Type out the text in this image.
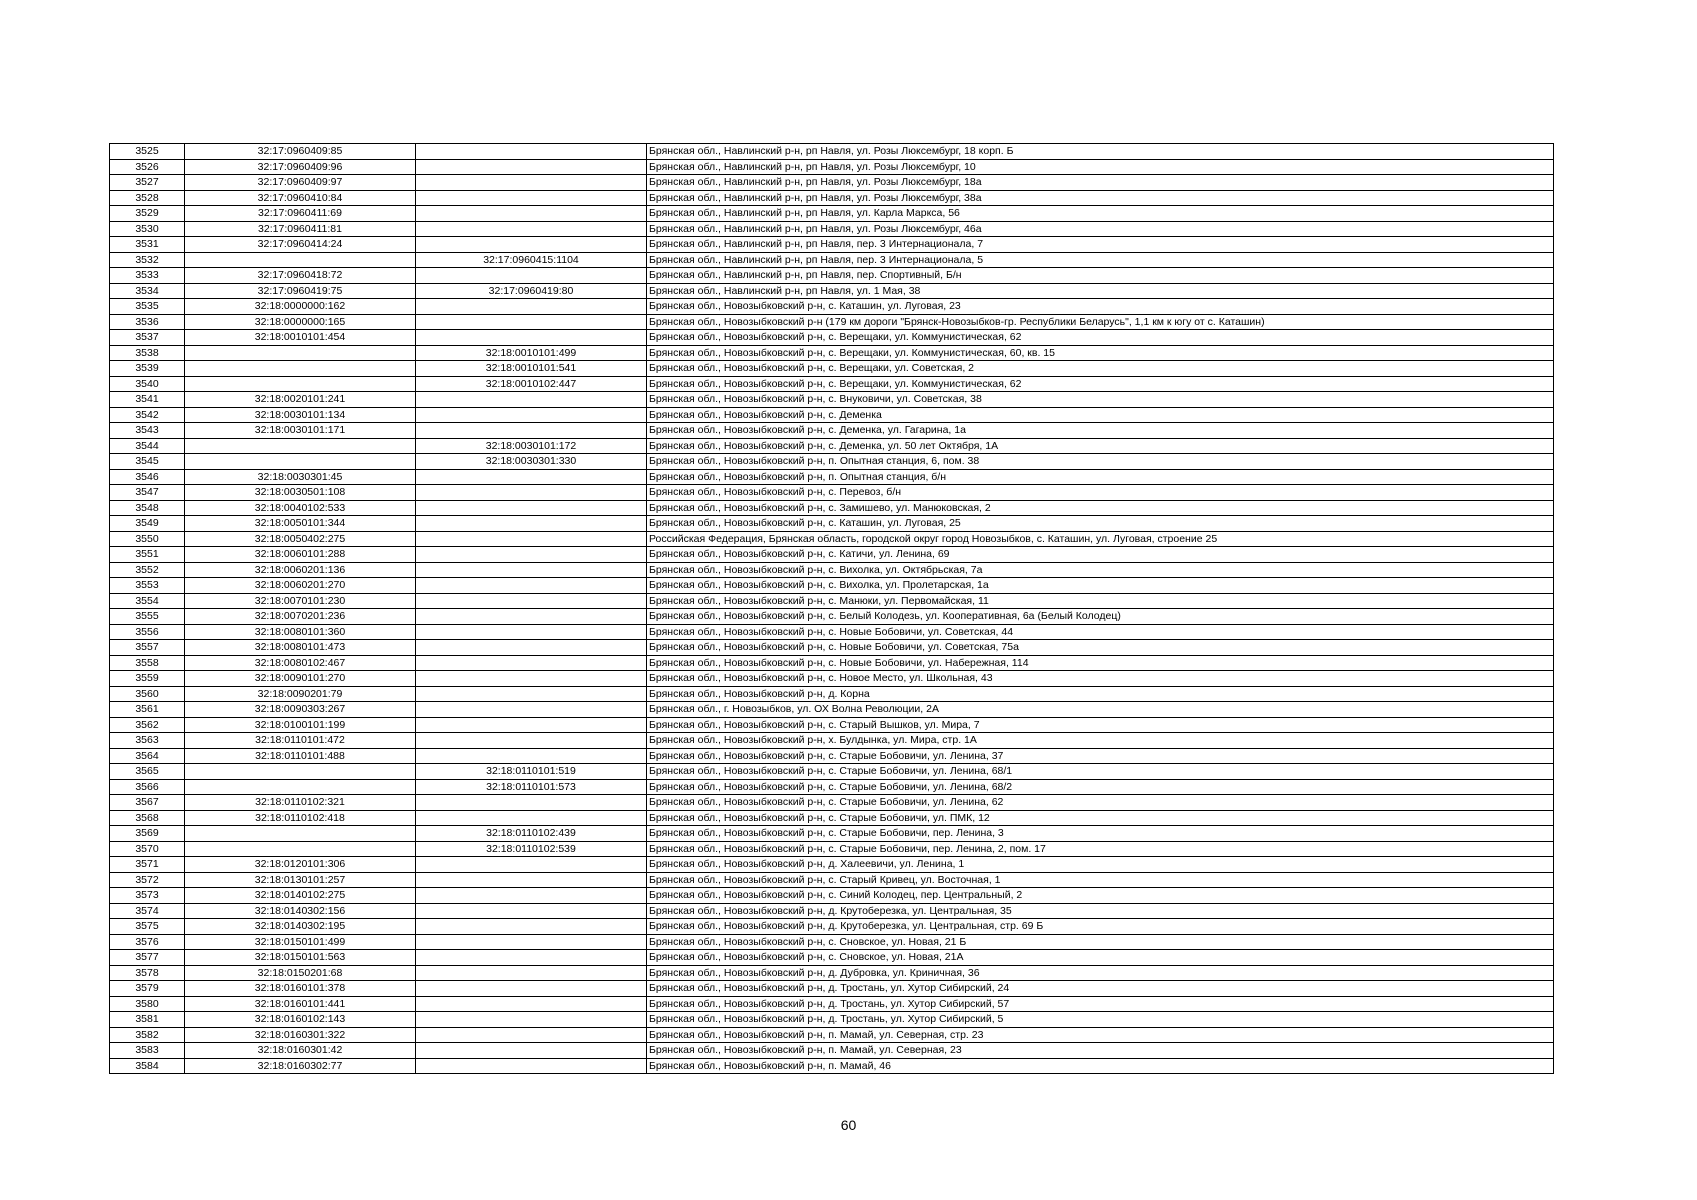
3525	32:17:0960409:85		Брянская обл., Навлинский р-н, рп Навля, ул. Розы Люксембург, 18 корп. Б
3526	32:17:0960409:96		Брянская обл., Навлинский р-н, рп Навля, ул. Розы Люксембург, 10
3527	32:17:0960409:97		Брянская обл., Навлинский р-н, рп Навля, ул. Розы Люксембург, 18а
3528	32:17:0960410:84		Брянская обл., Навлинский р-н, рп Навля, ул. Розы Люксембург, 38а
3529	32:17:0960411:69		Брянская обл., Навлинский р-н, рп Навля, ул. Карла Маркса, 56
3530	32:17:0960411:81		Брянская обл., Навлинский р-н, рп Навля, ул. Розы Люксембург, 46а
3531	32:17:0960414:24		Брянская обл., Навлинский р-н, рп Навля, пер. 3 Интернационала, 7
3532		32:17:0960415:1104	Брянская обл., Навлинский р-н, рп Навля, пер. 3 Интернационала, 5
3533	32:17:0960418:72		Брянская обл., Навлинский р-н, рп Навля, пер. Спортивный, Б/н
3534	32:17:0960419:75	32:17:0960419:80	Брянская обл., Навлинский р-н, рп Навля, ул. 1 Мая, 38
3535	32:18:0000000:162		Брянская обл., Новозыбковский р-н, с. Каташин, ул. Луговая, 23
3536	32:18:0000000:165		Брянская обл., Новозыбковский р-н (179 км дороги "Брянск-Новозыбков-гр. Республики Беларусь", 1,1 км к югу от с. Каташин)
3537	32:18:0010101:454		Брянская обл., Новозыбковский р-н, с. Верещаки, ул. Коммунистическая, 62
3538		32:18:0010101:499	Брянская обл., Новозыбковский р-н, с. Верещаки, ул. Коммунистическая, 60, кв. 15
3539		32:18:0010101:541	Брянская обл., Новозыбковский р-н, с. Верещаки, ул. Советская, 2
3540		32:18:0010102:447	Брянская обл., Новозыбковский р-н, с. Верещаки, ул. Коммунистическая, 62
3541	32:18:0020101:241		Брянская обл., Новозыбковский р-н, с. Внуковичи, ул. Советская, 38
3542	32:18:0030101:134		Брянская обл., Новозыбковский р-н, с. Деменка
3543	32:18:0030101:171		Брянская обл., Новозыбковский р-н, с. Деменка, ул. Гагарина, 1а
3544		32:18:0030101:172	Брянская обл., Новозыбковский р-н, с. Деменка, ул. 50 лет Октября, 1А
3545		32:18:0030301:330	Брянская обл., Новозыбковский р-н, п. Опытная станция, 6, пом. 38
3546	32:18:0030301:45		Брянская обл., Новозыбковский р-н, п. Опытная станция, б/н
3547	32:18:0030501:108		Брянская обл., Новозыбковский р-н, с. Перевоз, б/н
3548	32:18:0040102:533		Брянская обл., Новозыбковский р-н, с. Замишево, ул. Манюковская, 2
3549	32:18:0050101:344		Брянская обл., Новозыбковский р-н, с. Каташин, ул. Луговая, 25
3550	32:18:0050402:275		Российская Федерация, Брянская область, городской округ город Новозыбков, с. Каташин, ул. Луговая, строение 25
3551	32:18:0060101:288		Брянская обл., Новозыбковский р-н, с. Катичи, ул. Ленина, 69
3552	32:18:0060201:136		Брянская обл., Новозыбковский р-н, с. Вихолка, ул. Октябрьская, 7а
3553	32:18:0060201:270		Брянская обл., Новозыбковский р-н, с. Вихолка, ул. Пролетарская, 1а
3554	32:18:0070101:230		Брянская обл., Новозыбковский р-н, с. Манюки, ул. Первомайская, 11
3555	32:18:0070201:236		Брянская обл., Новозыбковский р-н, с. Белый Колодезь, ул. Кооперативная, 6а (Белый Колодец)
3556	32:18:0080101:360		Брянская обл., Новозыбковский р-н, с. Новые Бобовичи, ул. Советская, 44
3557	32:18:0080101:473		Брянская обл., Новозыбковский р-н, с. Новые Бобовичи, ул. Советская, 75а
3558	32:18:0080102:467		Брянская обл., Новозыбковский р-н, с. Новые Бобовичи, ул. Набережная, 114
3559	32:18:0090101:270		Брянская обл., Новозыбковский р-н, с. Новое Место, ул. Школьная, 43
3560	32:18:0090201:79		Брянская обл., Новозыбковский р-н, д. Корна
3561	32:18:0090303:267		Брянская обл., г. Новозыбков, ул. ОХ Волна Революции, 2А
3562	32:18:0100101:199		Брянская обл., Новозыбковский р-н, с. Старый Вышков, ул. Мира, 7
3563	32:18:0110101:472		Брянская обл., Новозыбковский р-н, х. Булдынка, ул. Мира, стр. 1А
3564	32:18:0110101:488		Брянская обл., Новозыбковский р-н, с. Старые Бобовичи, ул. Ленина, 37
3565		32:18:0110101:519	Брянская обл., Новозыбковский р-н, с. Старые Бобовичи, ул. Ленина, 68/1
3566		32:18:0110101:573	Брянская обл., Новозыбковский р-н, с. Старые Бобовичи, ул. Ленина, 68/2
3567	32:18:0110102:321		Брянская обл., Новозыбковский р-н, с. Старые Бобовичи, ул. Ленина, 62
3568	32:18:0110102:418		Брянская обл., Новозыбковский р-н, с. Старые Бобовичи, ул. ПМК, 12
3569		32:18:0110102:439	Брянская обл., Новозыбковский р-н, с. Старые Бобовичи, пер. Ленина, 3
3570		32:18:0110102:539	Брянская обл., Новозыбковский р-н, с. Старые Бобовичи, пер. Ленина, 2, пом. 17
3571	32:18:0120101:306		Брянская обл., Новозыбковский р-н, д. Халеевичи, ул. Ленина, 1
3572	32:18:0130101:257		Брянская обл., Новозыбковский р-н, с. Старый Кривец, ул. Восточная, 1
3573	32:18:0140102:275		Брянская обл., Новозыбковский р-н, с. Синий Колодец, пер. Центральный, 2
3574	32:18:0140302:156		Брянская обл., Новозыбковский р-н, д. Крутоберезка, ул. Центральная, 35
3575	32:18:0140302:195		Брянская обл., Новозыбковский р-н, д. Крутоберезка, ул. Центральная, стр. 69 Б
3576	32:18:0150101:499		Брянская обл., Новозыбковский р-н, с. Сновское, ул. Новая, 21 Б
3577	32:18:0150101:563		Брянская обл., Новозыбковский р-н, с. Сновское, ул. Новая, 21А
3578	32:18:0150201:68		Брянская обл., Новозыбковский р-н, д. Дубровка, ул. Криничная, 36
3579	32:18:0160101:378		Брянская обл., Новозыбковский р-н, д. Тростань, ул. Хутор Сибирский, 24
3580	32:18:0160101:441		Брянская обл., Новозыбковский р-н, д. Тростань, ул. Хутор Сибирский, 57
3581	32:18:0160102:143		Брянская обл., Новозыбковский р-н, д. Тростань, ул. Хутор Сибирский, 5
3582	32:18:0160301:322		Брянская обл., Новозыбковский р-н, п. Мамай, ул. Северная, стр. 23
3583	32:18:0160301:42		Брянская обл., Новозыбковский р-н, п. Мамай, ул. Северная, 23
3584	32:18:0160302:77		Брянская обл., Новозыбковский р-н, п. Мамай, 46
60
